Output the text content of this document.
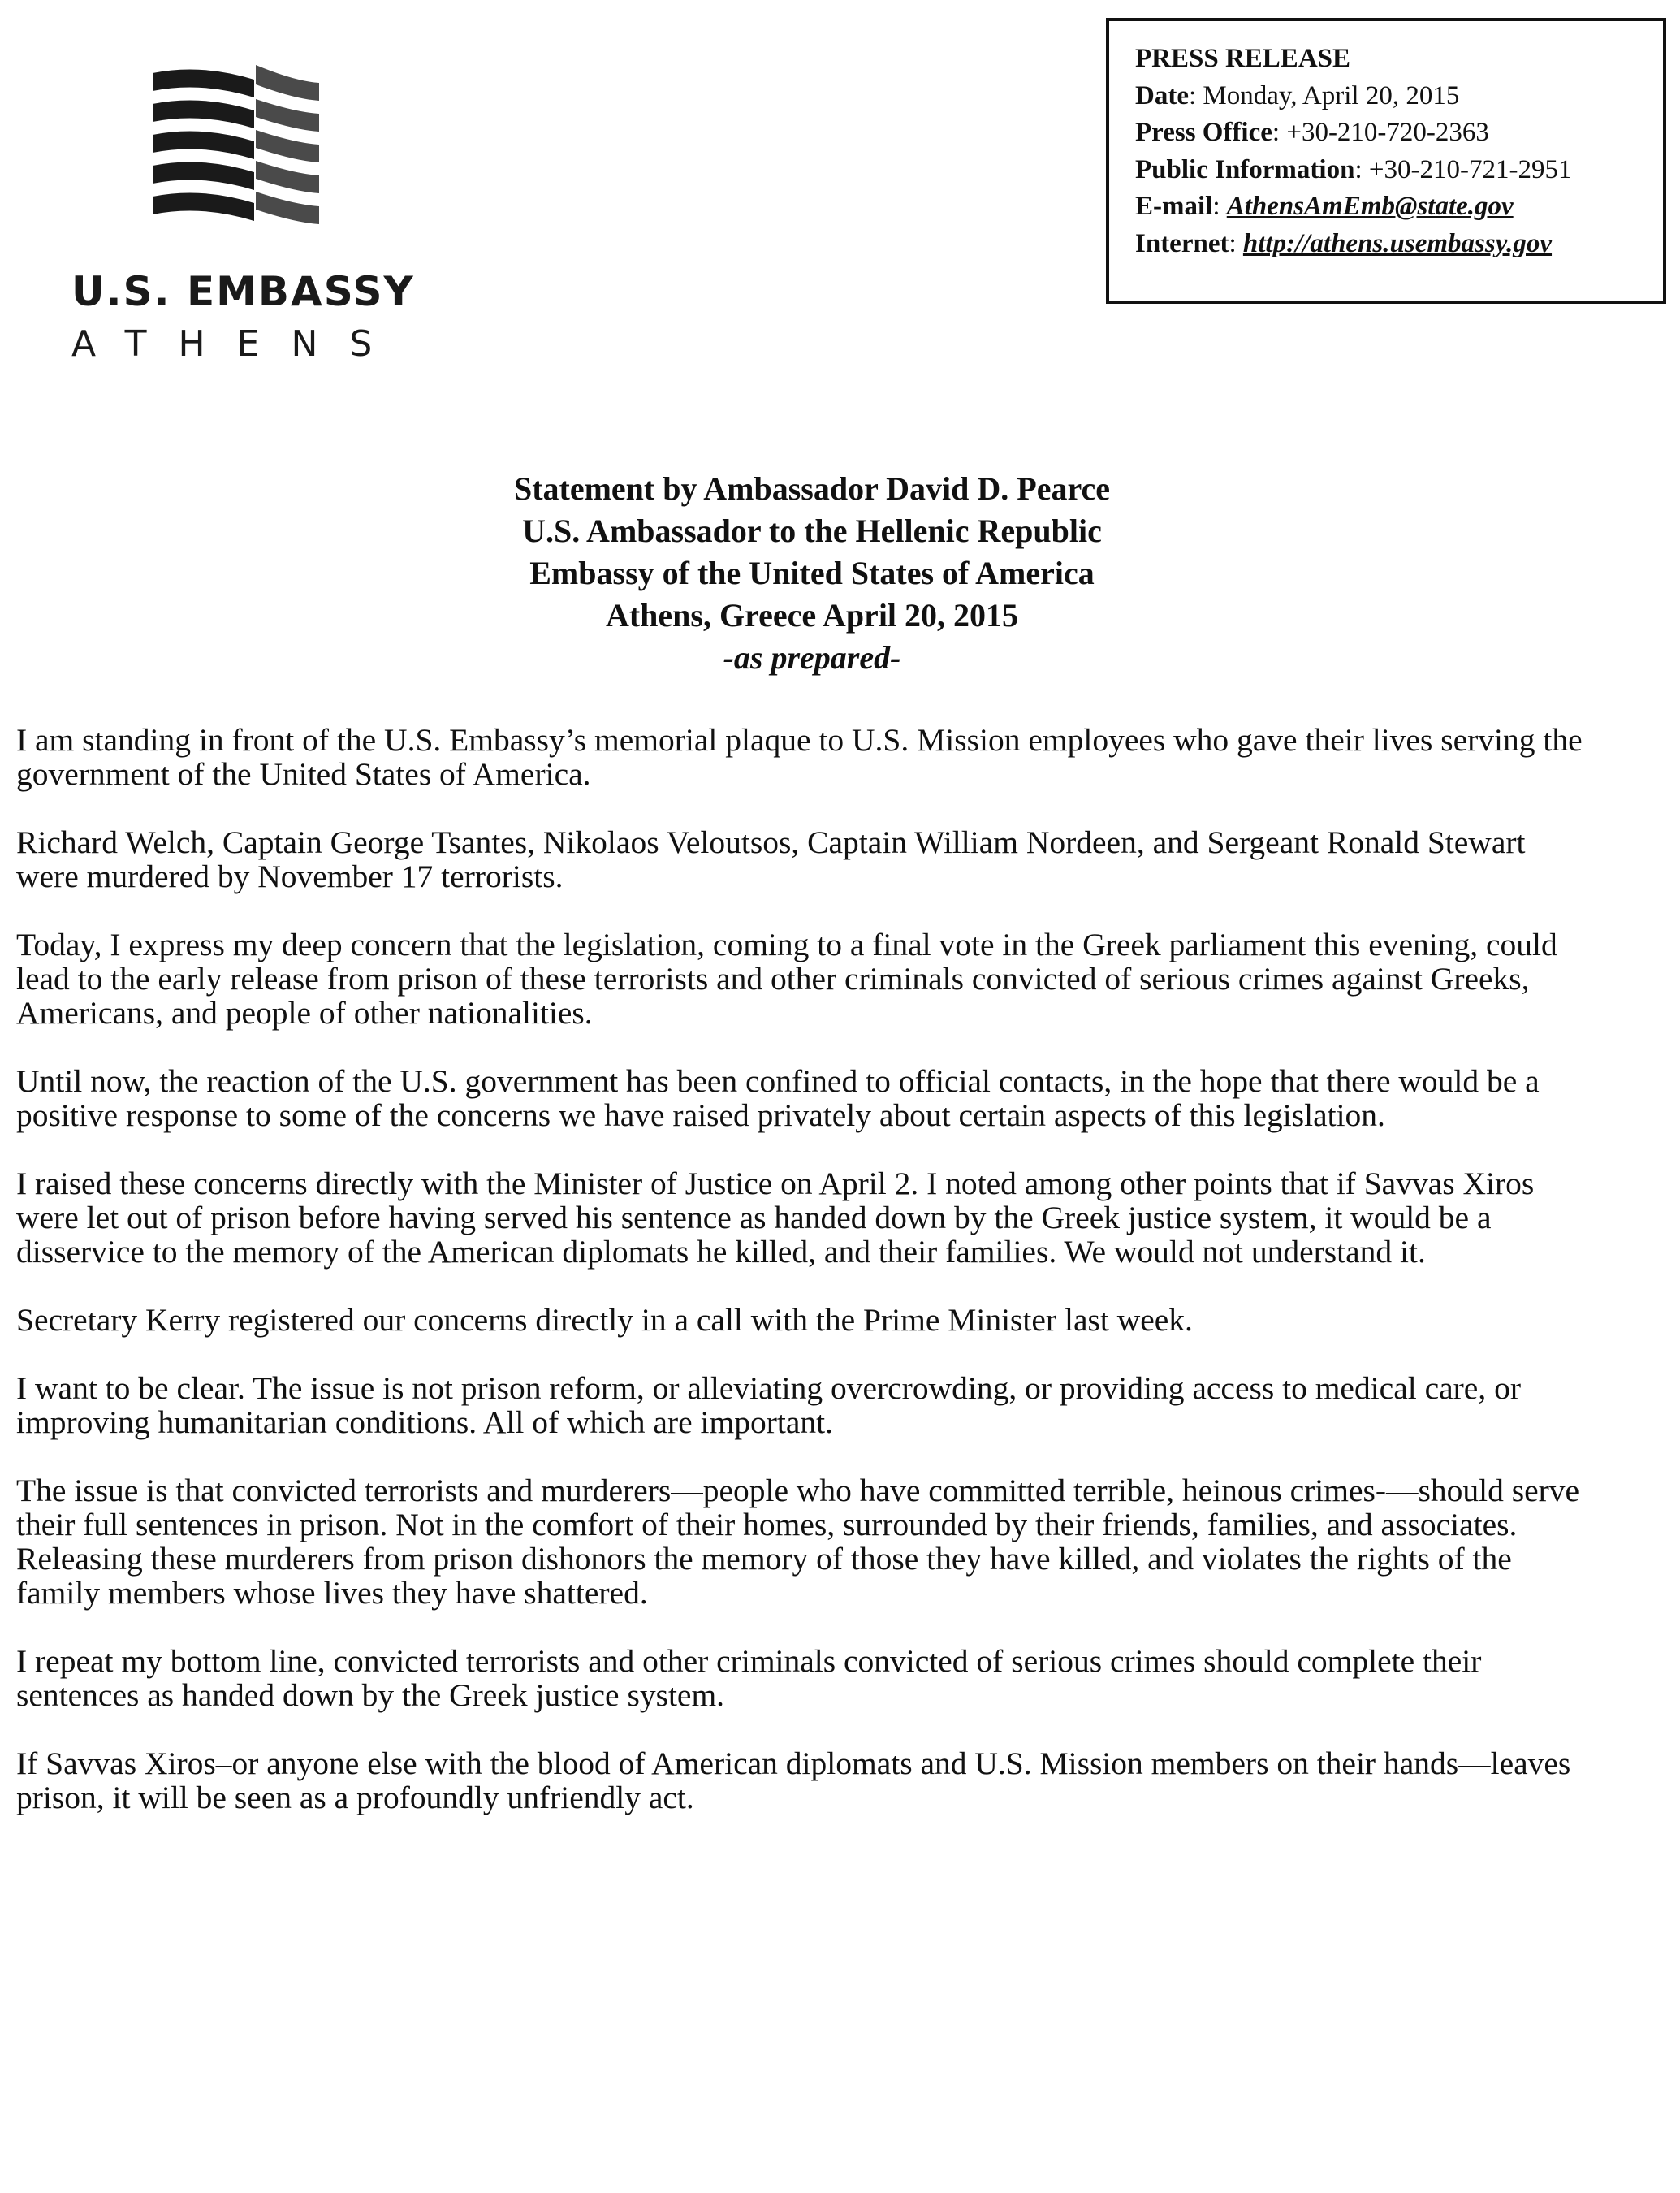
U.S. EMBASSY
ATHENS
PRESS RELEASE
Date: Monday, April 20, 2015
Press Office: +30-210-720-2363
Public Information: +30-210-721-2951
E-mail: AthensAmEmb@state.gov
Internet: http://athens.usembassy.gov
Statement by Ambassador David D. Pearce
U.S. Ambassador to the Hellenic Republic
Embassy of the United States of America
Athens, Greece April 20, 2015
-as prepared-

I am standing in front of the U.S. Embassy’s memorial plaque to U.S. Mission employees who gave their lives serving the government of the United States of America.

Richard Welch, Captain George Tsantes, Nikolaos Veloutsos, Captain William Nordeen, and Sergeant Ronald Stewart were murdered by November 17 terrorists.

Today, I express my deep concern that the legislation, coming to a final vote in the Greek parliament this evening, could lead to the early release from prison of these terrorists and other criminals convicted of serious crimes against Greeks, Americans, and people of other nationalities.

Until now, the reaction of the U.S. government has been confined to official contacts, in the hope that there would be a positive response to some of the concerns we have raised privately about certain aspects of this legislation.

I raised these concerns directly with the Minister of Justice on April 2. I noted among other points that if Savvas Xiros were let out of prison before having served his sentence as handed down by the Greek justice system, it would be a disservice to the memory of the American diplomats he killed, and their families. We would not understand it.

Secretary Kerry registered our concerns directly in a call with the Prime Minister last week.

I want to be clear. The issue is not prison reform, or alleviating overcrowding, or providing access to medical care, or improving humanitarian conditions. All of which are important.

The issue is that convicted terrorists and murderers—people who have committed terrible, heinous crimes-—should serve their full sentences in prison. Not in the comfort of their homes, surrounded by their friends, families, and associates. Releasing these murderers from prison dishonors the memory of those they have killed, and violates the rights of the family members whose lives they have shattered.

I repeat my bottom line, convicted terrorists and other criminals convicted of serious crimes should complete their sentences as handed down by the Greek justice system.

If Savvas Xiros–or anyone else with the blood of American diplomats and U.S. Mission members on their hands—leaves prison, it will be seen as a profoundly unfriendly act.
